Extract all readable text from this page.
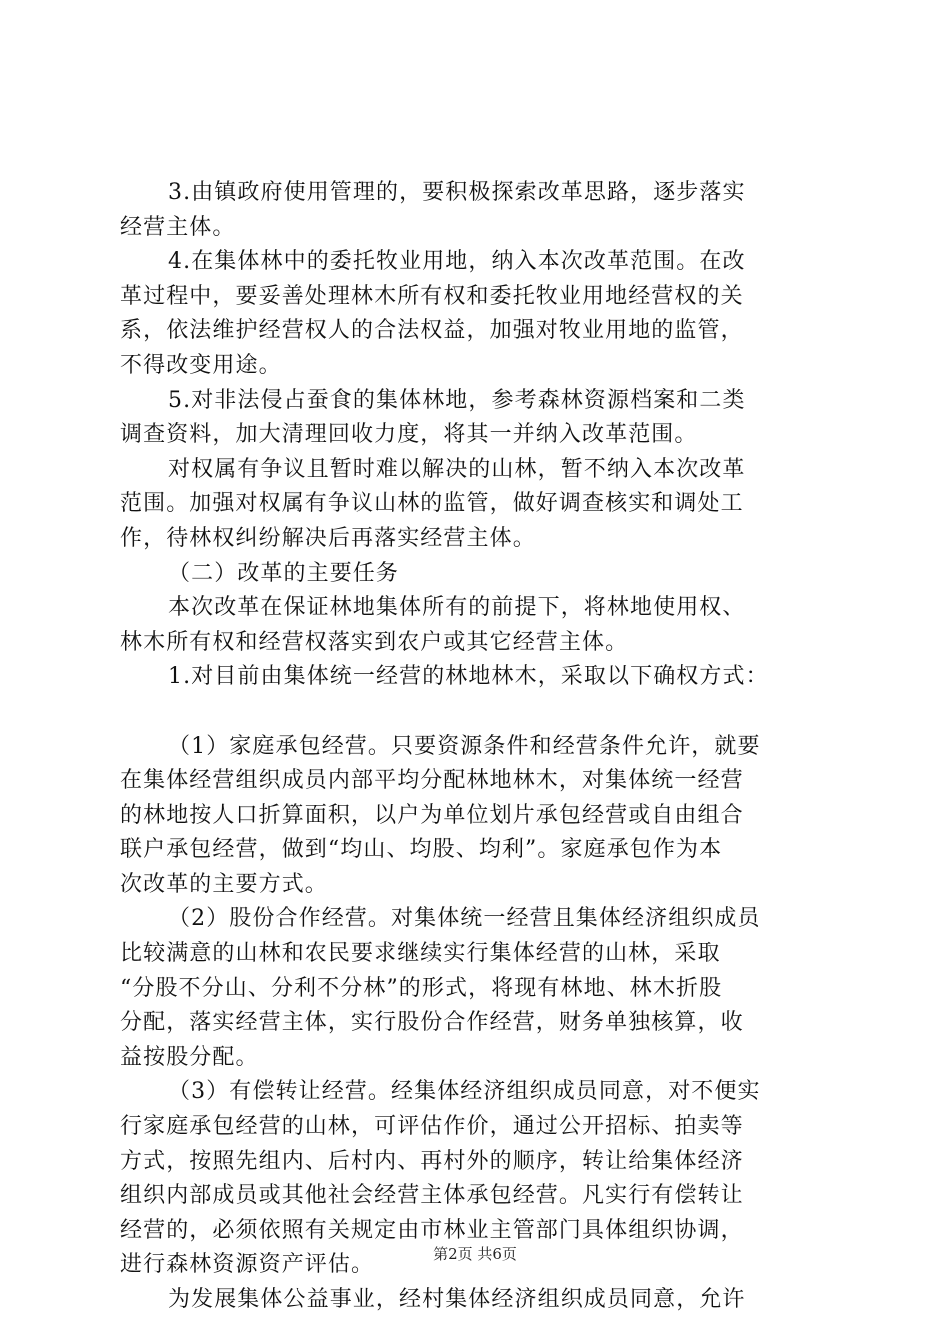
3.由镇政府使用管理的，要积极探索改革思路，逐步落实
经营主体。
4.在集体林中的委托牧业用地，纳入本次改革范围。在改
革过程中，要妥善处理林木所有权和委托牧业用地经营权的关
系，依法维护经营权人的合法权益，加强对牧业用地的监管，
不得改变用途。
5.对非法侵占蚕食的集体林地，参考森林资源档案和二类
调查资料，加大清理回收力度，将其一并纳入改革范围。
对权属有争议且暂时难以解决的山林，暂不纳入本次改革
范围。加强对权属有争议山林的监管，做好调查核实和调处工
作，待林权纠纷解决后再落实经营主体。
（二）改革的主要任务
本次改革在保证林地集体所有的前提下，将林地使用权、
林木所有权和经营权落实到农户或其它经营主体。
1.对目前由集体统一经营的林地林木，采取以下确权方式：
（1）家庭承包经营。只要资源条件和经营条件允许，就要
在集体经营组织成员内部平均分配林地林木，对集体统一经营
的林地按人口折算面积，以户为单位划片承包经营或自由组合
联户承包经营，做到“均山、均股、均利”。家庭承包作为本
次改革的主要方式。
（2）股份合作经营。对集体统一经营且集体经济组织成员
比较满意的山林和农民要求继续实行集体经营的山林，采取
“分股不分山、分利不分林”的形式，将现有林地、林木折股
分配，落实经营主体，实行股份合作经营，财务单独核算，收
益按股分配。
（3）有偿转让经营。经集体经济组织成员同意，对不便实
行家庭承包经营的山林，可评估作价，通过公开招标、拍卖等
方式，按照先组内、后村内、再村外的顺序，转让给集体经济
组织内部成员或其他社会经营主体承包经营。凡实行有偿转让
经营的，必须依照有关规定由市林业主管部门具体组织协调，
进行森林资源资产评估。
为发展集体公益事业，经村集体经济组织成员同意，允许
第2页 共6页
